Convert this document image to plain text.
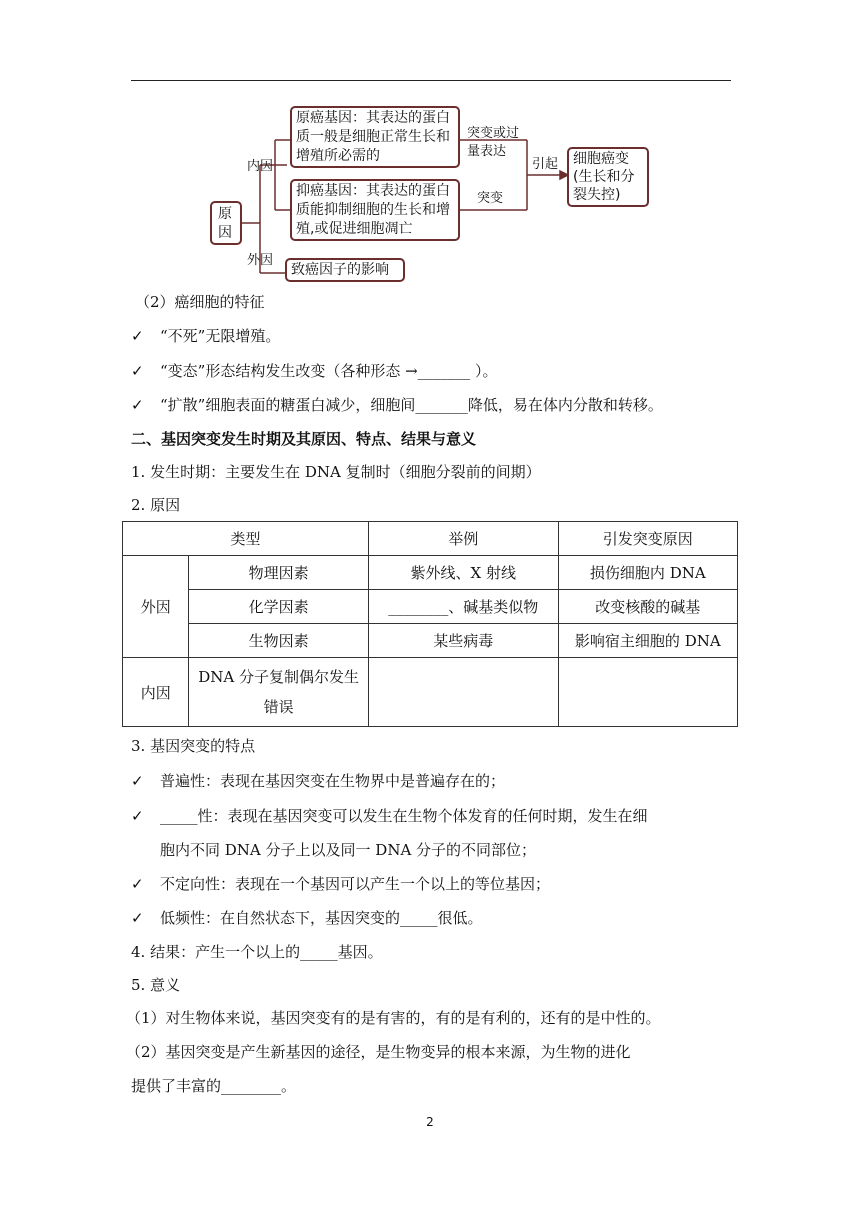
原因
内因
外因
原癌基因：其表达的蛋白质一般是细胞正常生长和增殖所必需的
抑癌基因：其表达的蛋白质能抑制细胞的生长和增殖,或促进细胞凋亡
致癌因子的影响
突变或过量表达
突变
引起	细胞癌变(生长和分裂失控)
（2）癌细胞的特征
✓ “不死”无限增殖。
✓ “变态”形态结构发生改变（各种形态 →_______ ）。
✓ “扩散”细胞表面的糖蛋白减少，细胞间_______降低，易在体内分散和转移。
二、基因突变发生时期及其原因、特点、结果与意义
1. 发生时期：主要发生在 DNA 复制时（细胞分裂前的间期）
2. 原因
类型		举例	引发突变原因
外因	物理因素	紫外线、X 射线	损伤细胞内 DNA
	化学因素	________、碱基类似物	改变核酸的碱基
	生物因素	某些病毒	影响宿主细胞的 DNA
内因	DNA 分子复制偶尔发生错误		
3. 基因突变的特点
✓ 普遍性：表现在基因突变在生物界中是普遍存在的；
✓ _____性：表现在基因突变可以发生在生物个体发育的任何时期，发生在细
胞内不同 DNA 分子上以及同一 DNA 分子的不同部位；
✓ 不定向性：表现在一个基因可以产生一个以上的等位基因；
✓ 低频性：在自然状态下，基因突变的_____很低。
4. 结果：产生一个以上的_____基因。
5. 意义
（1）对生物体来说，基因突变有的是有害的，有的是有利的，还有的是中性的。
（2）基因突变是产生新基因的途径，是生物变异的根本来源，为生物的进化
提供了丰富的________。
2
